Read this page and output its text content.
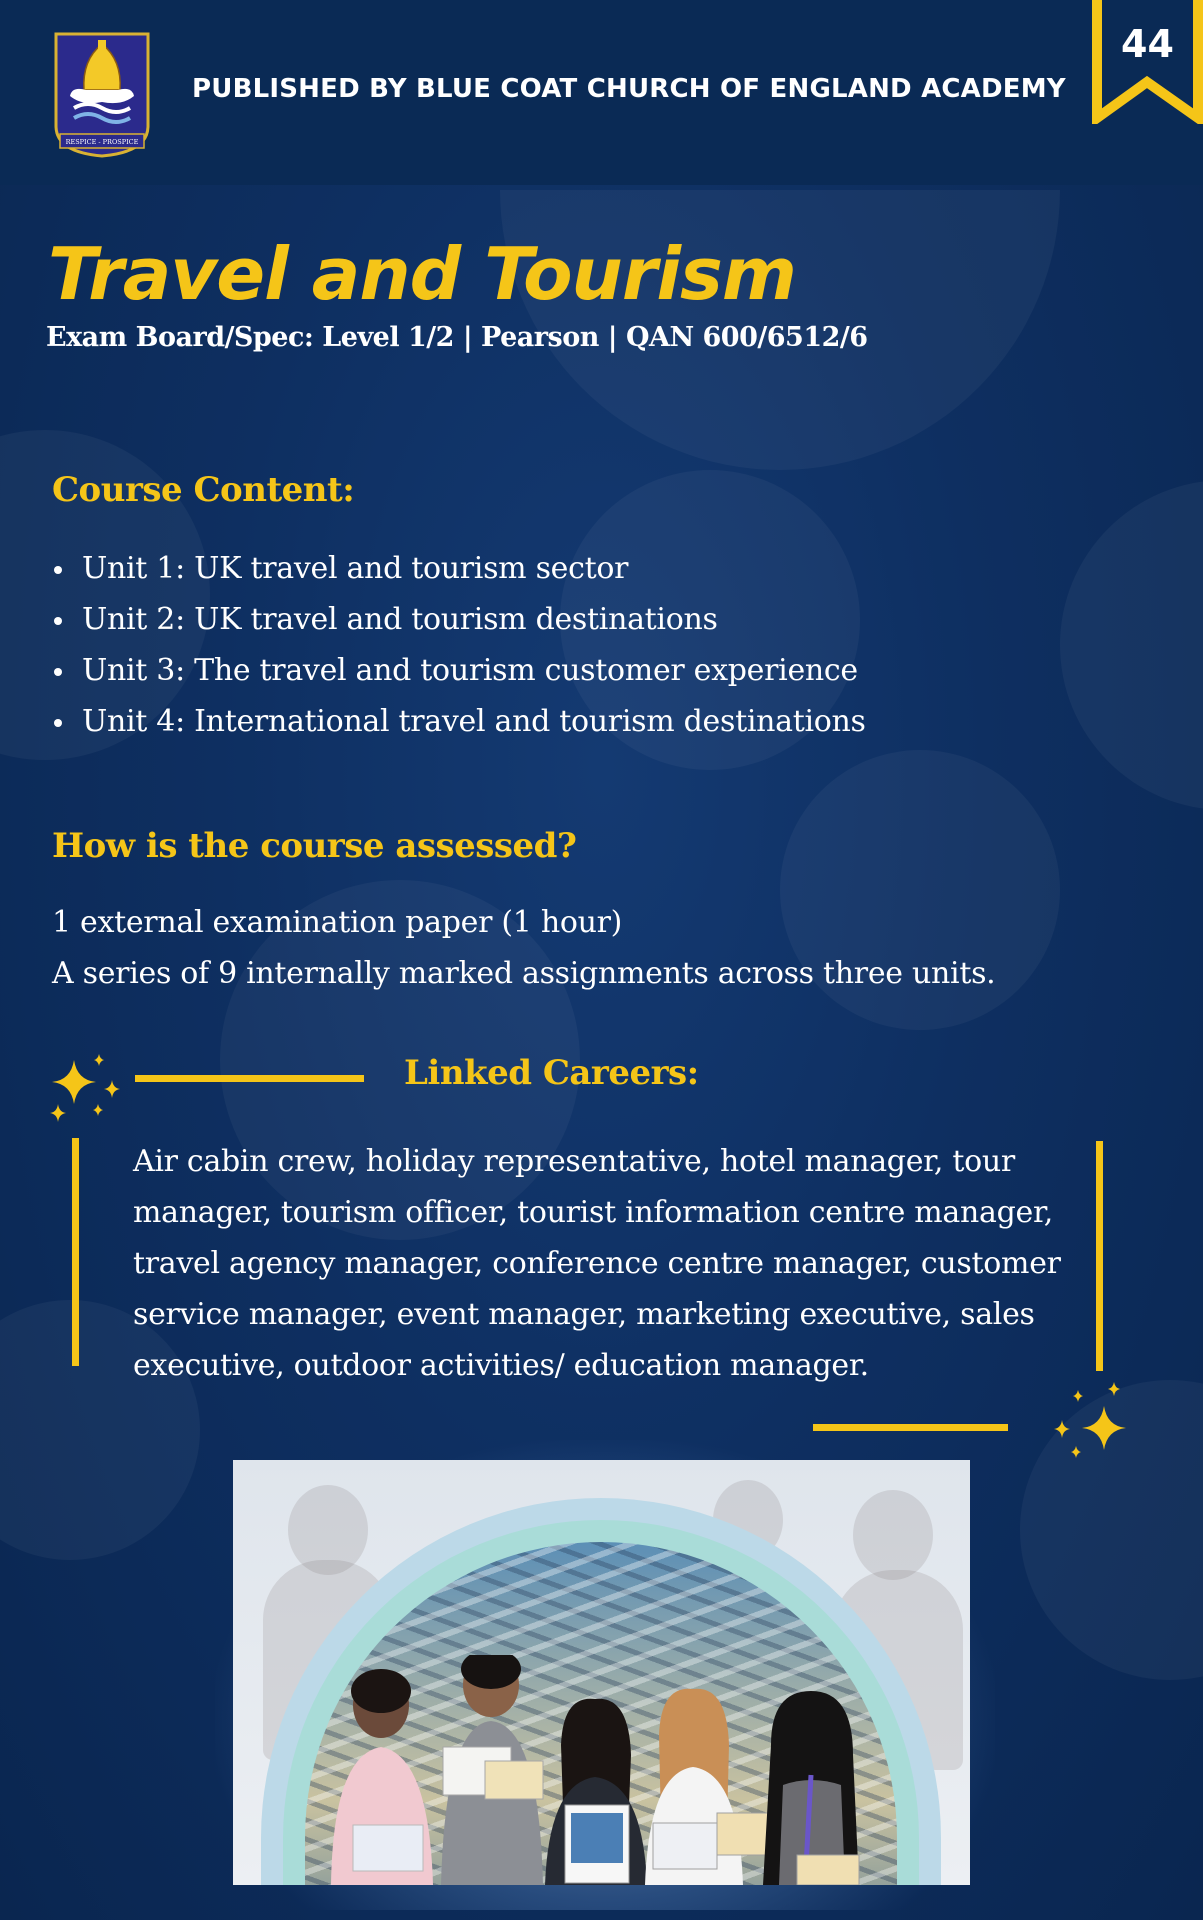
RESPICE - PROSPICE
PUBLISHED BY BLUE COAT CHURCH OF ENGLAND ACADEMY
44
Travel and Tourism
Exam Board/Spec: Level 1/2 | Pearson | QAN 600/6512/6
Course Content:
Unit 1: UK travel and tourism sector
Unit 2: UK travel and tourism destinations
Unit 3: The travel and tourism customer experience
Unit 4: International travel and tourism destinations
How is the course assessed?
1 external examination paper (1 hour)
A series of 9 internally marked assignments across three units.
Linked Careers:
Air cabin crew, holiday representative, hotel manager, tour manager, tourism officer, tourist information centre manager, travel agency manager, conference centre manager, customer service manager, event manager, marketing executive, sales executive, outdoor activities/ education manager.
